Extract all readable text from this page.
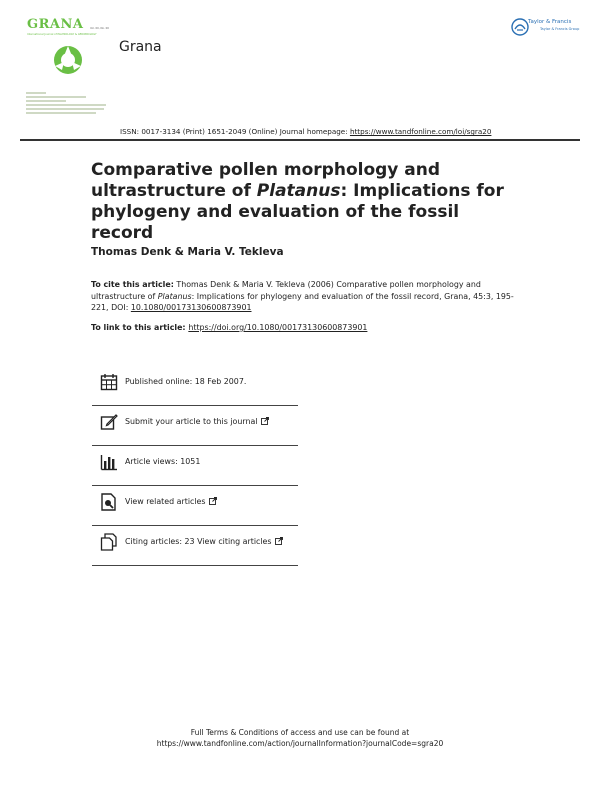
GRANA
International Journal of PALYNOLOGY & AEROBIOLOGY
Vol. 00, No. 00
Grana
Taylor & Francis
Taylor & Francis Group
ISSN: 0017-3134 (Print) 1651-2049 (Online) Journal homepage: https://www.tandfonline.com/loi/sgra20
Comparative pollen morphology and ultrastructure of Platanus: Implications for phylogeny and evaluation of the fossil record
Thomas Denk & Maria V. Tekleva
To cite this article: Thomas Denk & Maria V. Tekleva (2006) Comparative pollen morphology and ultrastructure of Platanus: Implications for phylogeny and evaluation of the fossil record, Grana, 45:3, 195-221, DOI: 10.1080/00173130600873901
To link to this article: https://doi.org/10.1080/00173130600873901
Published online: 18 Feb 2007.
Submit your article to this journal
Article views: 1051
View related articles
Citing articles: 23 View citing articles
Full Terms & Conditions of access and use can be found at
https://www.tandfonline.com/action/journalInformation?journalCode=sgra20
